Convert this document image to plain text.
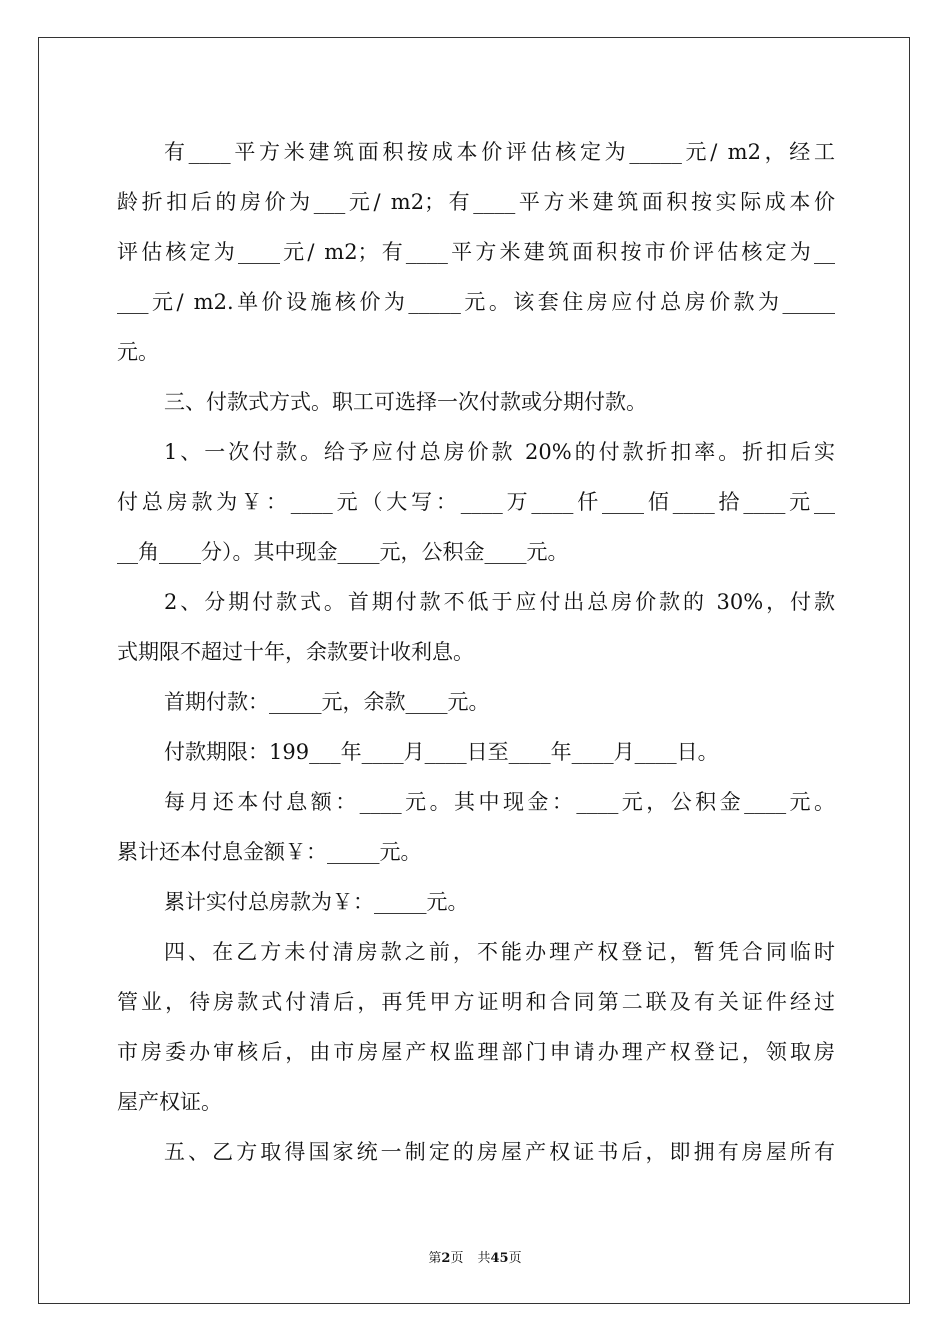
有____平方米建筑面积按成本价评估核定为_____元/ m2，经工
龄折扣后的房价为___元/ m2；有____平方米建筑面积按实际成本价
评估核定为____元/ m2；有____平方米建筑面积按市价评估核定为__
___元/ m2.单价设施核价为_____元。该套住房应付总房价款为_____
元。
三、付款式方式。职工可选择一次付款或分期付款。
1、一次付款。给予应付总房价款 20%的付款折扣率。折扣后实
付总房款为￥：____元（大写：____万____仟____佰____拾____元__
__角____分）。其中现金____元，公积金____元。
2、分期付款式。首期付款不低于应付出总房价款的 30%，付款
式期限不超过十年，余款要计收利息。
首期付款：_____元，余款____元。
付款期限：199___年____月____日至____年____月____日。
每月还本付息额：____元。其中现金：____元，公积金____元。
累计还本付息金额￥：_____元。
累计实付总房款为￥：_____元。
四、在乙方未付清房款之前，不能办理产权登记，暂凭合同临时
管业，待房款式付清后，再凭甲方证明和合同第二联及有关证件经过
市房委办审核后，由市房屋产权监理部门申请办理产权登记，领取房
屋产权证。
五、乙方取得国家统一制定的房屋产权证书后，即拥有房屋所有
第2页 共45页
